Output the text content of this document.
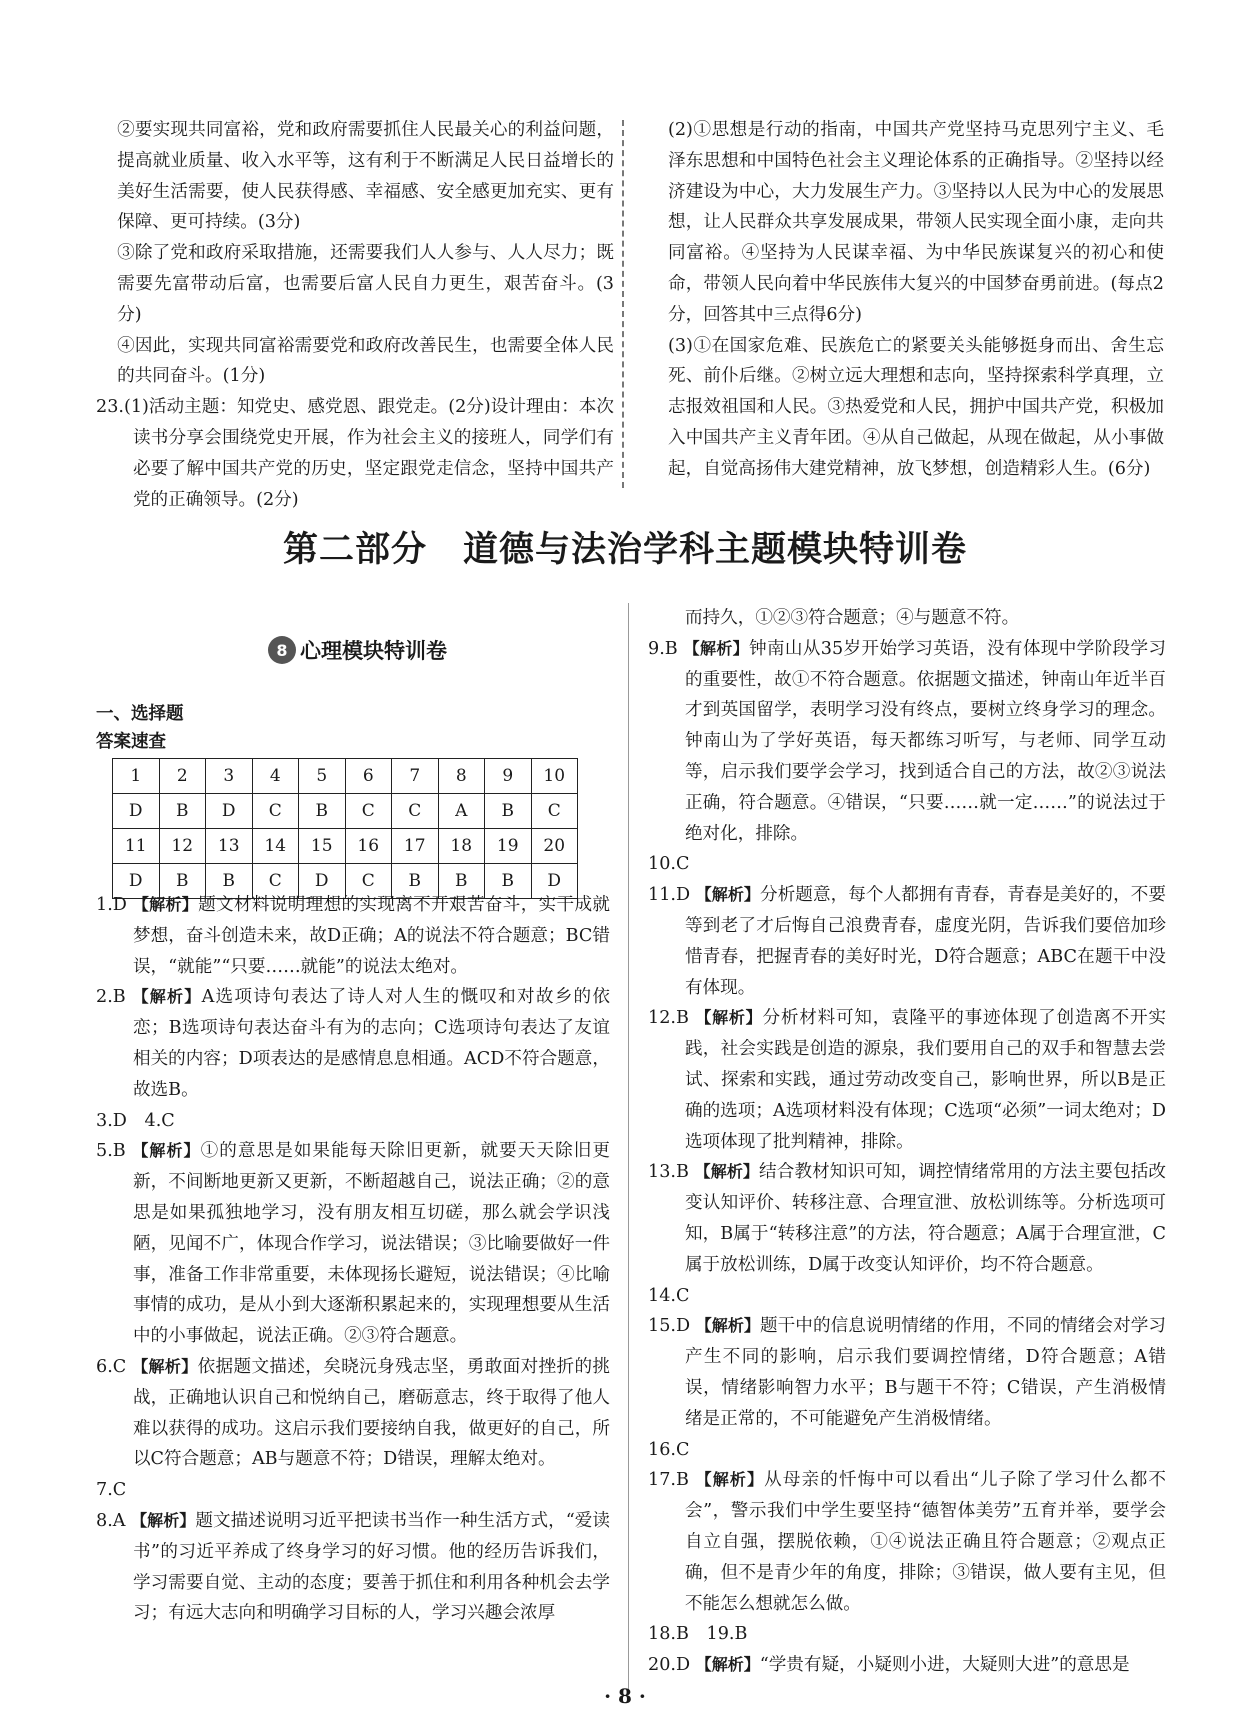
②要实现共同富裕，党和政府需要抓住人民最关心的利益问题，提高就业质量、收入水平等，这有利于不断满足人民日益增长的美好生活需要，使人民获得感、幸福感、安全感更加充实、更有保障、更可持续。(3分)

③除了党和政府采取措施，还需要我们人人参与、人人尽力；既需要先富带动后富，也需要后富人民自力更生，艰苦奋斗。(3分)

④因此，实现共同富裕需要党和政府改善民生，也需要全体人民的共同奋斗。(1分)

23.(1)活动主题：知党史、感党恩、跟党走。(2分)设计理由：本次读书分享会围绕党史开展，作为社会主义的接班人，同学们有必要了解中国共产党的历史，坚定跟党走信念，坚持中国共产党的正确领导。(2分)

(2)①思想是行动的指南，中国共产党坚持马克思列宁主义、毛泽东思想和中国特色社会主义理论体系的正确指导。②坚持以经济建设为中心，大力发展生产力。③坚持以人民为中心的发展思想，让人民群众共享发展成果，带领人民实现全面小康，走向共同富裕。④坚持为人民谋幸福、为中华民族谋复兴的初心和使命，带领人民向着中华民族伟大复兴的中国梦奋勇前进。(每点2分，回答其中三点得6分)

(3)①在国家危难、民族危亡的紧要关头能够挺身而出、舍生忘死、前仆后继。②树立远大理想和志向，坚持探索科学真理，立志报效祖国和人民。③热爱党和人民，拥护中国共产党，积极加入中国共产主义青年团。④从自己做起，从现在做起，从小事做起，自觉高扬伟大建党精神，放飞梦想，创造精彩人生。(6分)

第二部分　道德与法治学科主题模块特训卷
8 心理模块特训卷
一、选择题
答案速查
1	2	3	4	5	6	7	8	9	10
D	B	D	C	B	C	C	A	B	C
11	12	13	14	15	16	17	18	19	20
D	B	B	C	D	C	B	B	B	D

1.D 【解析】题文材料说明理想的实现离不开艰苦奋斗，实干成就梦想，奋斗创造未来，故D正确；A的说法不符合题意；BC错误，“就能”“只要……就能”的说法太绝对。

2.B 【解析】A选项诗句表达了诗人对人生的慨叹和对故乡的依恋；B选项诗句表达奋斗有为的志向；C选项诗句表达了友谊相关的内容；D项表达的是感情息息相通。ACD不符合题意，故选B。

3.D　 4.C

5.B 【解析】①的意思是如果能每天除旧更新，就要天天除旧更新，不间断地更新又更新，不断超越自己，说法正确；②的意思是如果孤独地学习，没有朋友相互切磋，那么就会学识浅陋，见闻不广，体现合作学习，说法错误；③比喻要做好一件事，准备工作非常重要，未体现扬长避短，说法错误；④比喻事情的成功，是从小到大逐渐积累起来的，实现理想要从生活中的小事做起，说法正确。②③符合题意。

6.C 【解析】依据题文描述，矣晓沅身残志坚，勇敢面对挫折的挑战，正确地认识自己和悦纳自己，磨砺意志，终于取得了他人难以获得的成功。这启示我们要接纳自我，做更好的自己，所以C符合题意；AB与题意不符；D错误，理解太绝对。

7.C

8.A 【解析】题文描述说明习近平把读书当作一种生活方式，“爱读书”的习近平养成了终身学习的好习惯。他的经历告诉我们，学习需要自觉、主动的态度；要善于抓住和利用各种机会去学习；有远大志向和明确学习目标的人，学习兴趣会浓厚

而持久，①②③符合题意；④与题意不符。

9.B 【解析】钟南山从35岁开始学习英语，没有体现中学阶段学习的重要性，故①不符合题意。依据题文描述，钟南山年近半百才到英国留学，表明学习没有终点，要树立终身学习的理念。钟南山为了学好英语，每天都练习听写，与老师、同学互动等，启示我们要学会学习，找到适合自己的方法，故②③说法正确，符合题意。④错误，“只要……就一定……”的说法过于绝对化，排除。

10.C

11.D 【解析】分析题意，每个人都拥有青春，青春是美好的，不要等到老了才后悔自己浪费青春，虚度光阴，告诉我们要倍加珍惜青春，把握青春的美好时光，D符合题意；ABC在题干中没有体现。

12.B 【解析】分析材料可知，袁隆平的事迹体现了创造离不开实践，社会实践是创造的源泉，我们要用自己的双手和智慧去尝试、探索和实践，通过劳动改变自己，影响世界，所以B是正确的选项；A选项材料没有体现；C选项“必须”一词太绝对；D选项体现了批判精神，排除。

13.B 【解析】结合教材知识可知，调控情绪常用的方法主要包括改变认知评价、转移注意、合理宣泄、放松训练等。分析选项可知，B属于“转移注意”的方法，符合题意；A属于合理宣泄，C属于放松训练，D属于改变认知评价，均不符合题意。

14.C

15.D 【解析】题干中的信息说明情绪的作用，不同的情绪会对学习产生不同的影响，启示我们要调控情绪，D符合题意；A错误，情绪影响智力水平；B与题干不符；C错误，产生消极情绪是正常的，不可能避免产生消极情绪。

16.C

17.B 【解析】从母亲的忏悔中可以看出“儿子除了学习什么都不会”，警示我们中学生要坚持“德智体美劳”五育并举，要学会自立自强，摆脱依赖，①④说法正确且符合题意；②观点正确，但不是青少年的角度，排除；③错误，做人要有主见，但不能怎么想就怎么做。

18.B　 19.B

20.D 【解析】“学贵有疑，小疑则小进，大疑则大进”的意思是

· 8 ·
